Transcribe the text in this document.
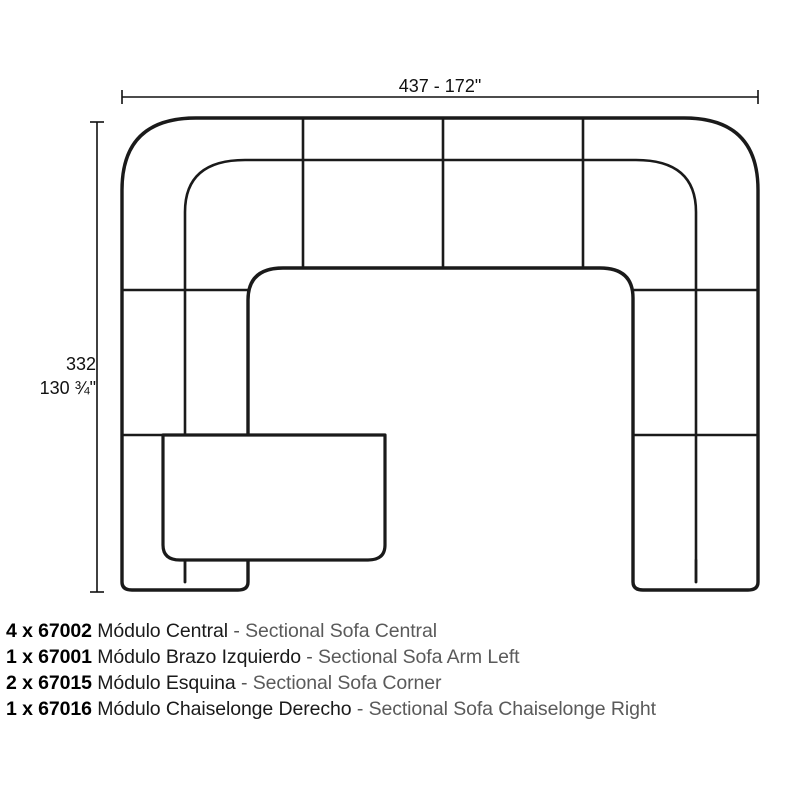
437 - 172"
332
130 ¾"
4 x 67002 Módulo Central - Sectional Sofa Central
1 x 67001 Módulo Brazo Izquierdo - Sectional Sofa Arm Left
2 x 67015 Módulo Esquina - Sectional Sofa Corner
1 x 67016 Módulo Chaiselonge Derecho - Sectional Sofa Chaiselonge Right
